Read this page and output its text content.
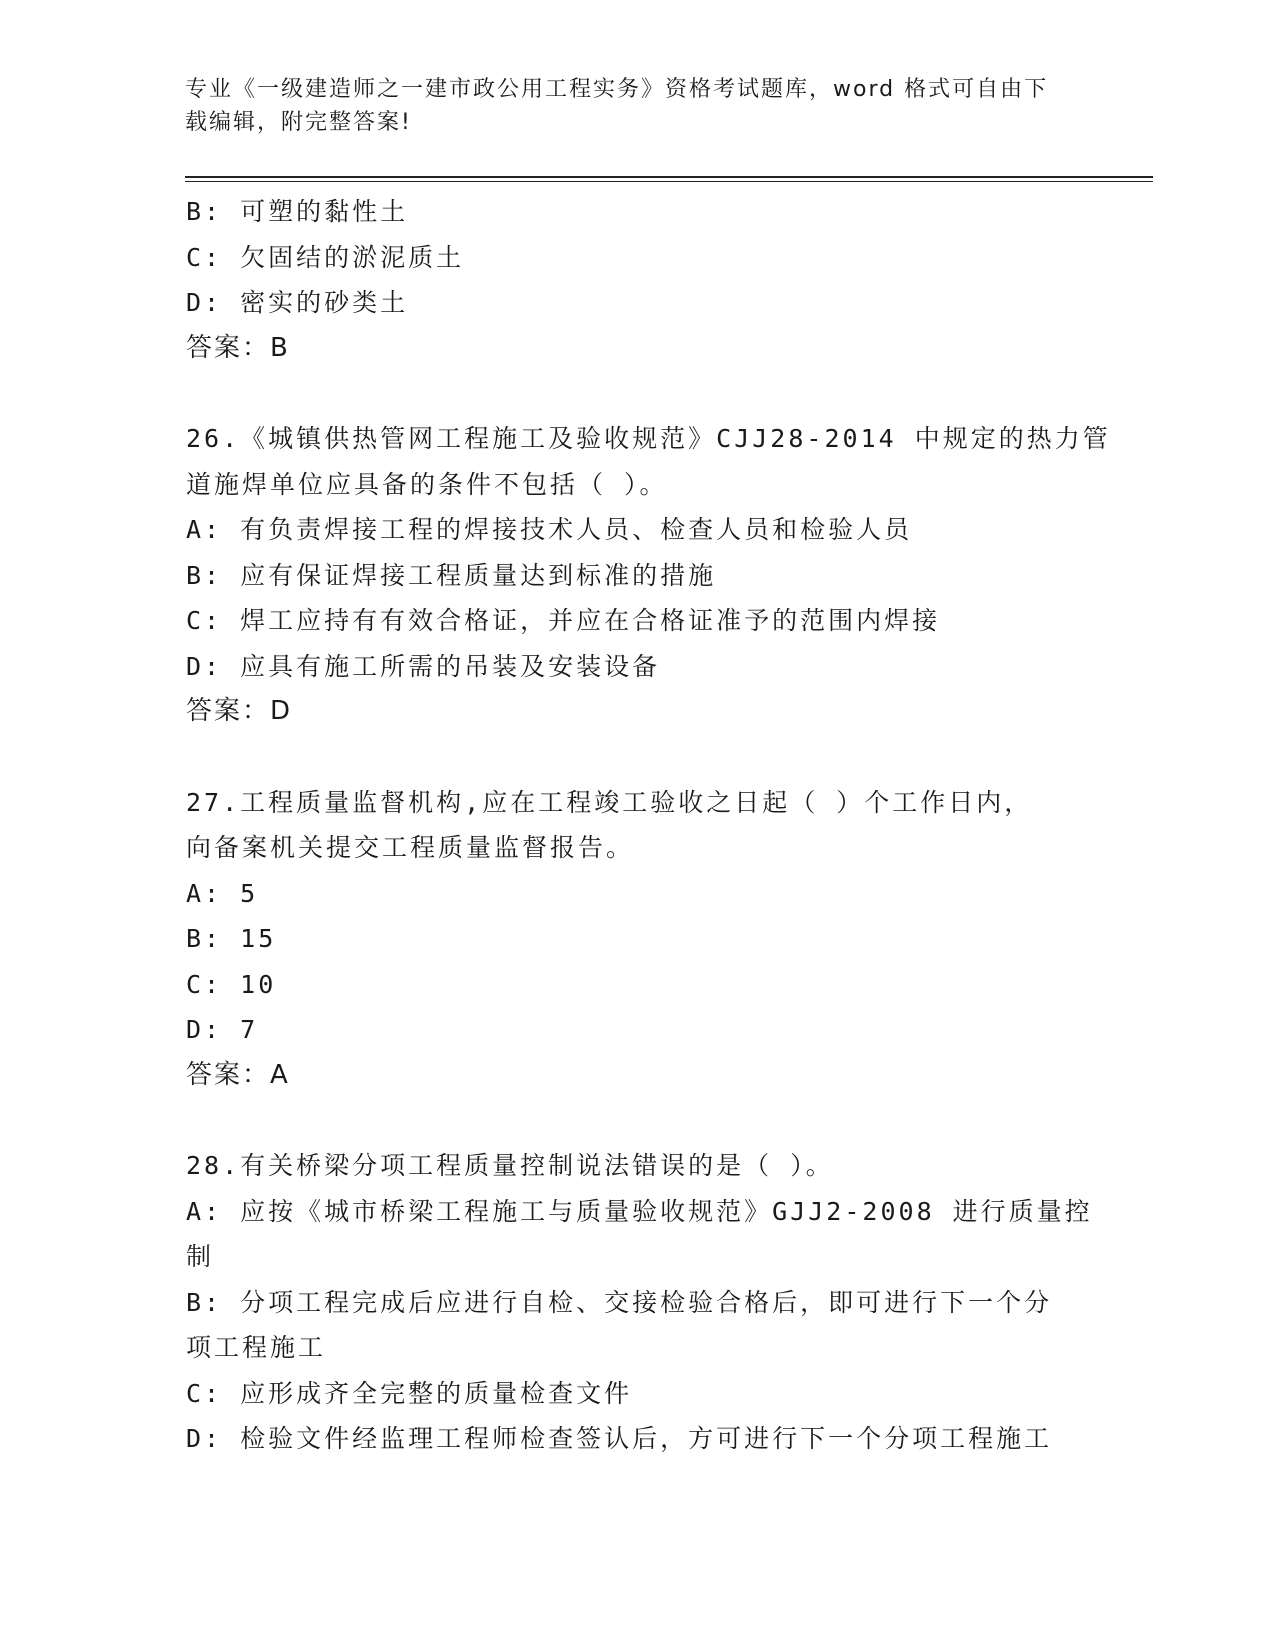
专业《一级建造师之一建市政公用工程实务》资格考试题库，word 格式可自由下
载编辑，附完整答案!
B: 可塑的黏性土
C: 欠固结的淤泥质土
D: 密实的砂类土
答案：B
26.《城镇供热管网工程施工及验收规范》CJJ28-2014 中规定的热力管
道施焊单位应具备的条件不包括（ ）。
A: 有负责焊接工程的焊接技术人员、检查人员和检验人员
B: 应有保证焊接工程质量达到标准的措施
C: 焊工应持有有效合格证，并应在合格证准予的范围内焊接
D: 应具有施工所需的吊装及安装设备
答案：D
27.工程质量监督机构,应在工程竣工验收之日起（ ）个工作日内，
向备案机关提交工程质量监督报告。
A: 5
B: 15
C: 10
D: 7
答案：A
28.有关桥梁分项工程质量控制说法错误的是（ ）。
A: 应按《城市桥梁工程施工与质量验收规范》GJJ2-2008 进行质量控
制
B: 分项工程完成后应进行自检、交接检验合格后，即可进行下一个分
项工程施工
C: 应形成齐全完整的质量检查文件
D: 检验文件经监理工程师检查签认后，方可进行下一个分项工程施工
